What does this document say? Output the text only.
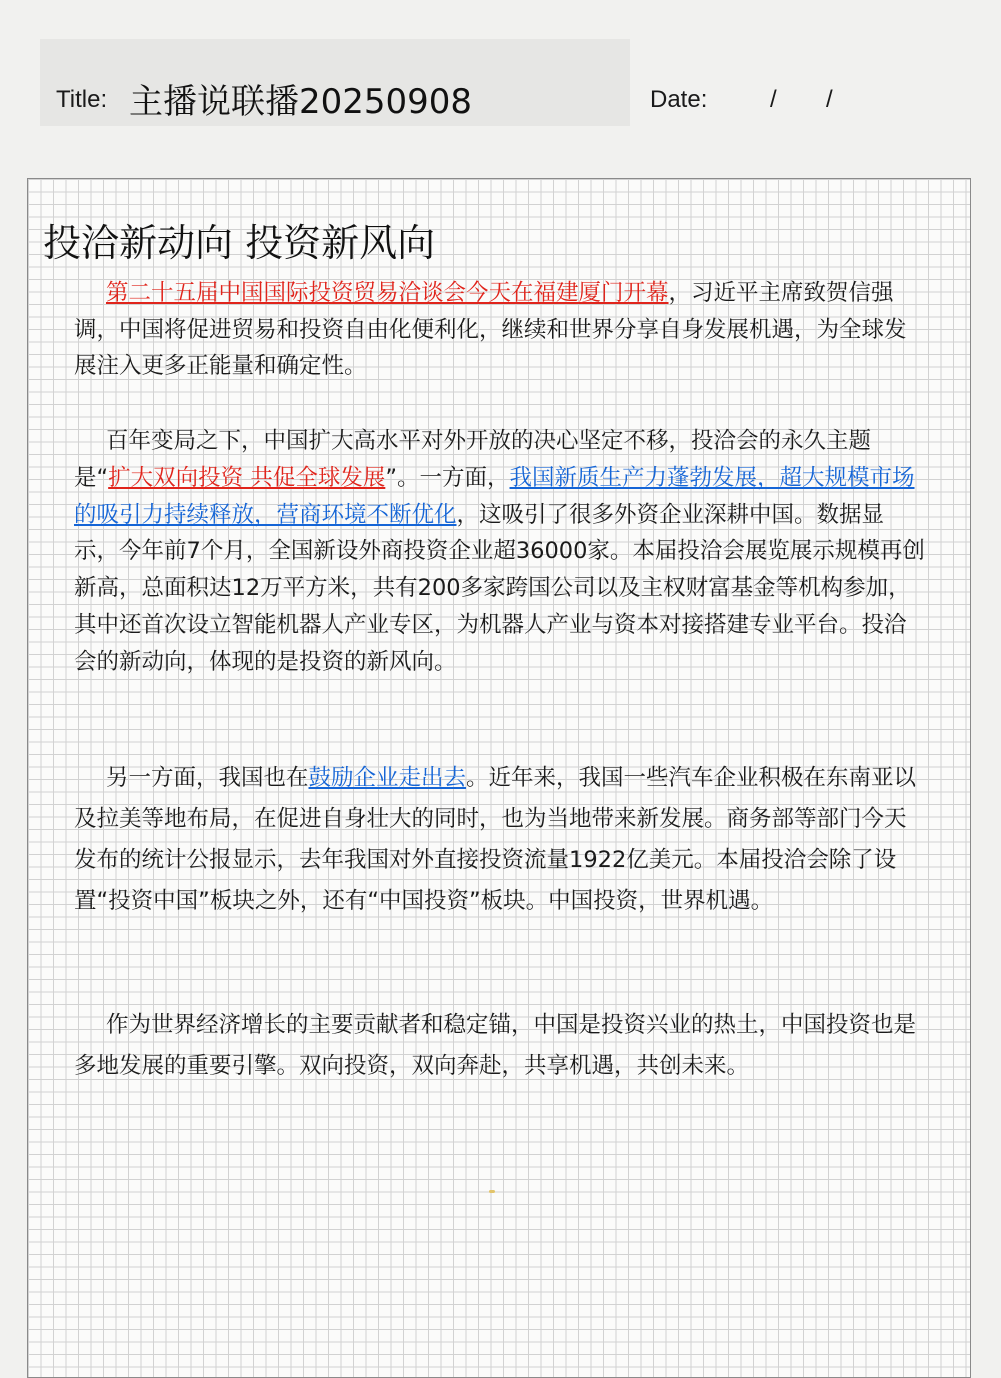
Title: 主播说联播20250908	Date:	/ /
投洽新动向 投资新风向

第二十五届中国国际投资贸易洽谈会今天在福建厦门开幕，习近平主席致贺信强调，中国将促进贸易和投资自由化便利化，继续和世界分享自身发展机遇，为全球发展注入更多正能量和确定性。

百年变局之下，中国扩大高水平对外开放的决心坚定不移，投洽会的永久主题是“扩大双向投资 共促全球发展”。一方面，我国新质生产力蓬勃发展，超大规模市场的吸引力持续释放，营商环境不断优化，这吸引了很多外资企业深耕中国。数据显示，今年前7个月，全国新设外商投资企业超36000家。本届投洽会展览展示规模再创新高，总面积达12万平方米，共有200多家跨国公司以及主权财富基金等机构参加，其中还首次设立智能机器人产业专区，为机器人产业与资本对接搭建专业平台。投洽会的新动向，体现的是投资的新风向。

另一方面，我国也在鼓励企业走出去。近年来，我国一些汽车企业积极在东南亚以及拉美等地布局，在促进自身壮大的同时，也为当地带来新发展。商务部等部门今天发布的统计公报显示，去年我国对外直接投资流量1922亿美元。本届投洽会除了设置“投资中国”板块之外，还有“中国投资”板块。中国投资，世界机遇。

作为世界经济增长的主要贡献者和稳定锚，中国是投资兴业的热土，中国投资也是多地发展的重要引擎。双向投资，双向奔赴，共享机遇，共创未来。
